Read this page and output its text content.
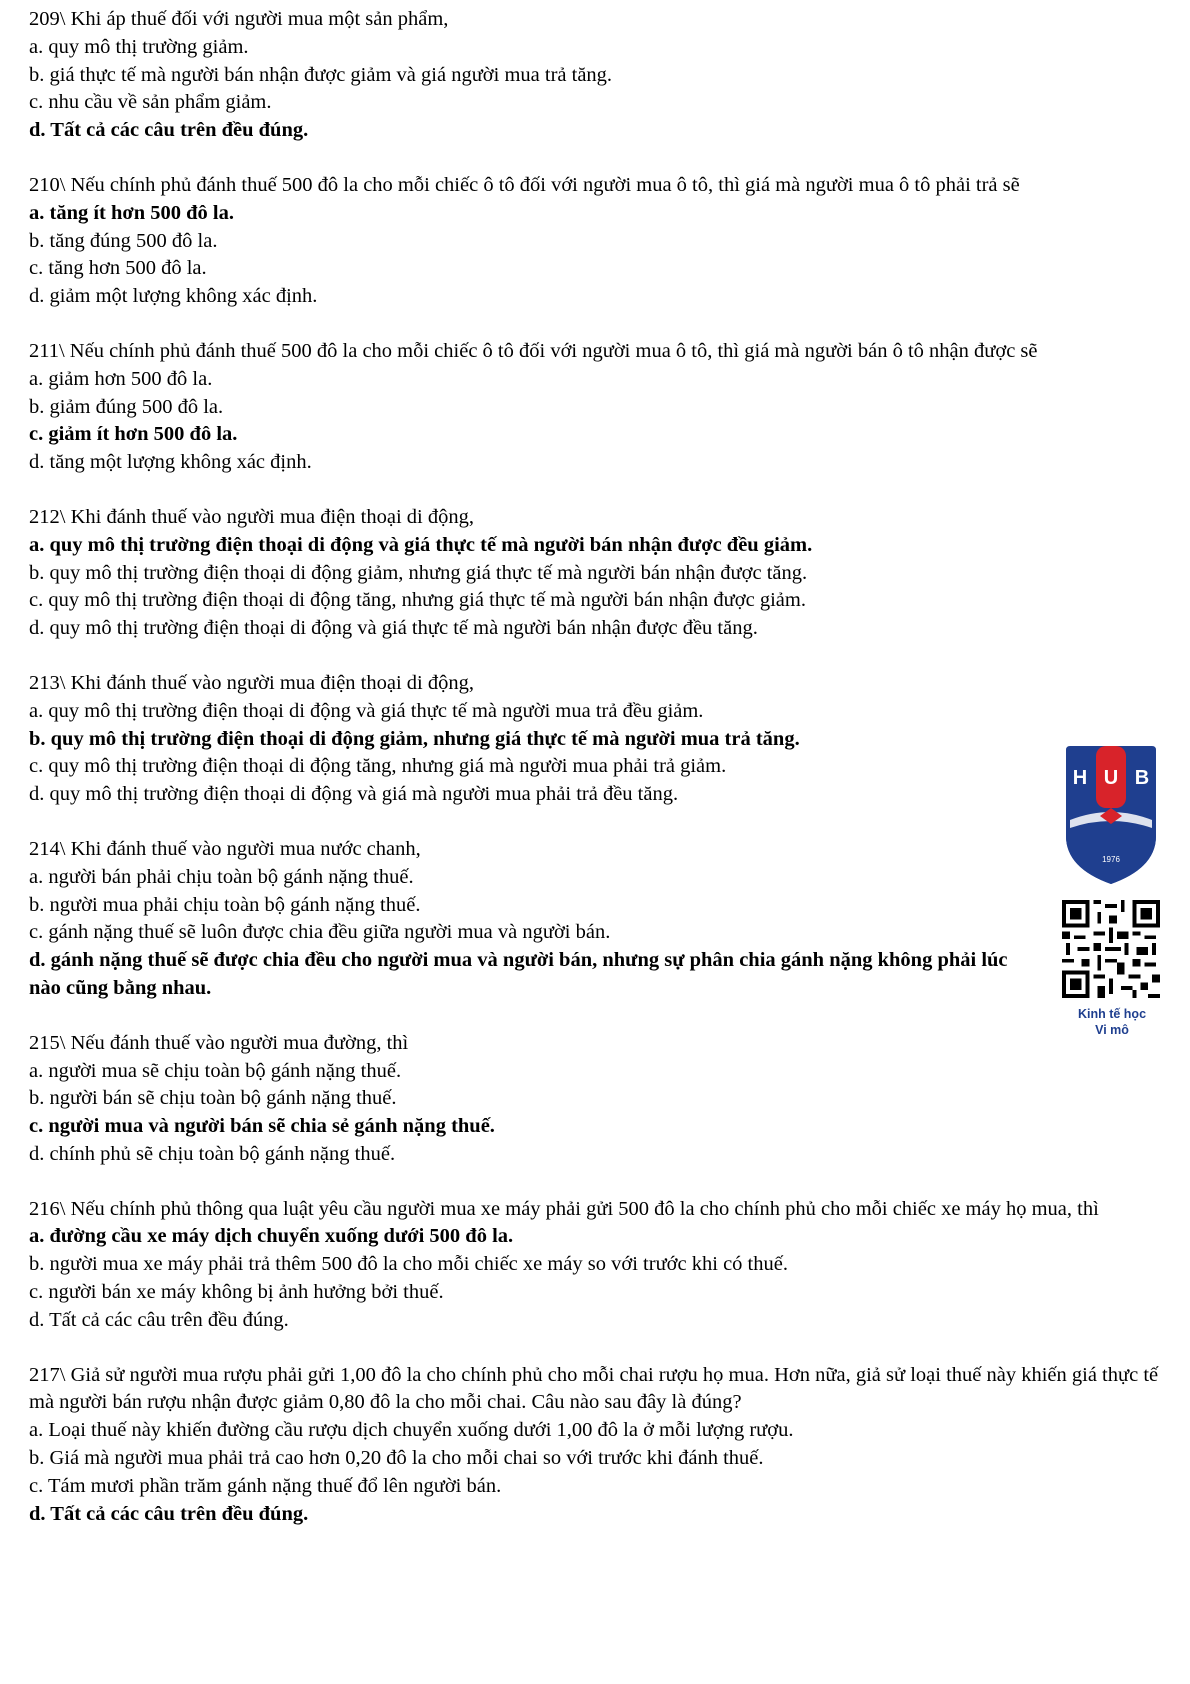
209\ Khi áp thuế đối với người mua một sản phẩm,
a. quy mô thị trường giảm.
b. giá thực tế mà người bán nhận được giảm và giá người mua trả tăng.
c. nhu cầu về sản phẩm giảm.
d. Tất cả các câu trên đều đúng.
210\ Nếu chính phủ đánh thuế 500 đô la cho mỗi chiếc ô tô đối với người mua ô tô, thì giá mà người mua ô tô phải trả sẽ
a. tăng ít hơn 500 đô la.
b. tăng đúng 500 đô la.
c. tăng hơn 500 đô la.
d. giảm một lượng không xác định.
211\ Nếu chính phủ đánh thuế 500 đô la cho mỗi chiếc ô tô đối với người mua ô tô, thì giá mà người bán ô tô nhận được sẽ
a. giảm hơn 500 đô la.
b. giảm đúng 500 đô la.
c. giảm ít hơn 500 đô la.
d. tăng một lượng không xác định.
212\ Khi đánh thuế vào người mua điện thoại di động,
a. quy mô thị trường điện thoại di động và giá thực tế mà người bán nhận được đều giảm.
b. quy mô thị trường điện thoại di động giảm, nhưng giá thực tế mà người bán nhận được tăng.
c. quy mô thị trường điện thoại di động tăng, nhưng giá thực tế mà người bán nhận được giảm.
d. quy mô thị trường điện thoại di động và giá thực tế mà người bán nhận được đều tăng.
213\ Khi đánh thuế vào người mua điện thoại di động,
a. quy mô thị trường điện thoại di động và giá thực tế mà người mua trả đều giảm.
b. quy mô thị trường điện thoại di động giảm, nhưng giá thực tế mà người mua trả tăng.
c. quy mô thị trường điện thoại di động tăng, nhưng giá mà người mua phải trả giảm.
d. quy mô thị trường điện thoại di động và giá mà người mua phải trả đều tăng.
214\ Khi đánh thuế vào người mua nước chanh,
a. người bán phải chịu toàn bộ gánh nặng thuế.
b. người mua phải chịu toàn bộ gánh nặng thuế.
c. gánh nặng thuế sẽ luôn được chia đều giữa người mua và người bán.
d. gánh nặng thuế sẽ được chia đều cho người mua và người bán, nhưng sự phân chia gánh nặng không phải lúc nào cũng bằng nhau.
215\ Nếu đánh thuế vào người mua đường, thì
a. người mua sẽ chịu toàn bộ gánh nặng thuế.
b. người bán sẽ chịu toàn bộ gánh nặng thuế.
c. người mua và người bán sẽ chia sẻ gánh nặng thuế.
d. chính phủ sẽ chịu toàn bộ gánh nặng thuế.
216\ Nếu chính phủ thông qua luật yêu cầu người mua xe máy phải gửi 500 đô la cho chính phủ cho mỗi chiếc xe máy họ mua, thì
a. đường cầu xe máy dịch chuyển xuống dưới 500 đô la.
b. người mua xe máy phải trả thêm 500 đô la cho mỗi chiếc xe máy so với trước khi có thuế.
c. người bán xe máy không bị ảnh hưởng bởi thuế.
d. Tất cả các câu trên đều đúng.
217\ Giả sử người mua rượu phải gửi 1,00 đô la cho chính phủ cho mỗi chai rượu họ mua. Hơn nữa, giả sử loại thuế này khiến giá thực tế mà người bán rượu nhận được giảm 0,80 đô la cho mỗi chai. Câu nào sau đây là đúng?
a. Loại thuế này khiến đường cầu rượu dịch chuyển xuống dưới 1,00 đô la ở mỗi lượng rượu.
b. Giá mà người mua phải trả cao hơn 0,20 đô la cho mỗi chai so với trước khi đánh thuế.
c. Tám mươi phần trăm gánh nặng thuế đổ lên người bán.
d. Tất cả các câu trên đều đúng.
H U B
1976
Kinh tế học
Vi mô
